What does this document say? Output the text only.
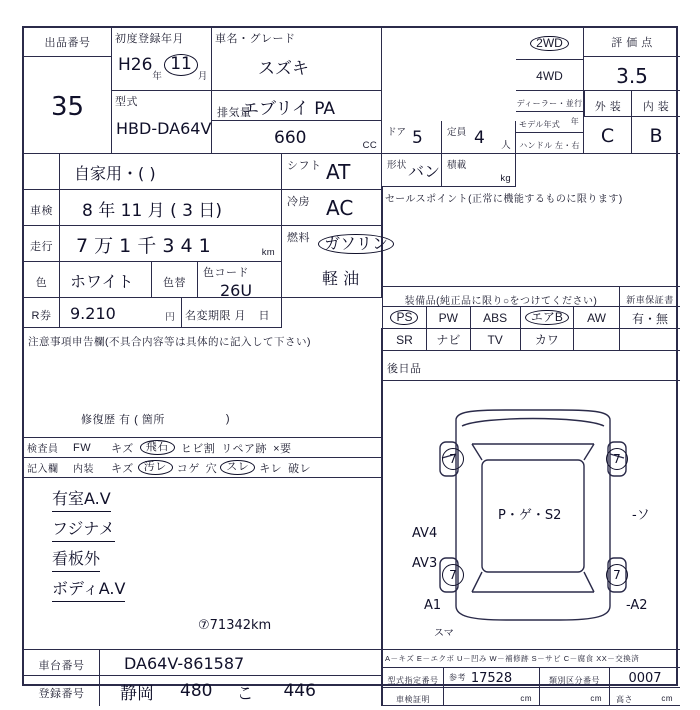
出品番号
35
初度登録年月
H26
年
11
月
型式
HBD-DA64V
車名・グレード
スズキ
エブリイ PA
排気量
660	CC
ドア 5	定員 4 人
形状 バン 積載
kg
2WD
4WD
評 価 点
3.5
ディーラー・並行
モデル年式	年
ハンドル 左・右
外 装	内 装
C B
自家用・( )
車検	8 年 11 月 ( 3 日)
走行	7 万 1 千 3 4 1	km
色	ホワイト	色替
色コード
26U
R券	9.210	円 名変期限 月 日
シフト AT
冷房 AC
燃料 ガソリン
軽 油
セールスポイント(正常に機能するものに限ります)
装備品(純正品に限り○をつけてください)	新車保証書
PS	PW ABS	エアB	AW 有・無
SR ナビ TV	カワ
後日品
注意事項申告欄(不具合内容等は具体的に記入して下さい)
修復歴 有 ( 箇所	)
検査員	FW	キズ	飛石	ヒビ割 リペア跡 ×要
記入欄	内装	キズ 汚レ コゲ 穴 スレ キレ 破レ
有室A.V
フジナメ
看板外
ボディA.V
⑦71342km
7	7
7	7
P・ゲ・S2
AV4
AV3
A1
-ソ
-A2
スマ
車台番号	DA64V-861587
登録番号	静岡	480	こ	446
A－キズ E－エクボ U－凹み W－補修跡 S－サビ C－腐食 XX－交換済
型式指定番号	17528	類別区分番号	0007
車検証明
参考
cm	cm	高さ	cm
